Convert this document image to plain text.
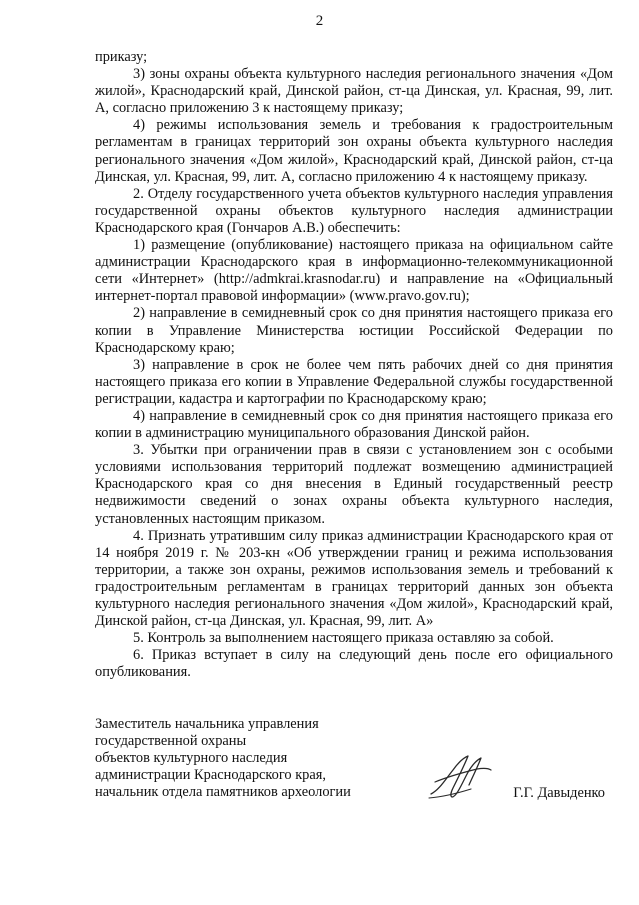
2

приказу;

3) зоны охраны объекта культурного наследия регионального значения «Дом жилой», Краснодарский край, Динской район, ст-ца Динская, ул. Красная, 99, лит. А, согласно приложению 3 к настоящему приказу;

4) режимы использования земель и требования к градостроительным регламентам в границах территорий зон охраны объекта культурного наследия регионального значения «Дом жилой», Краснодарский край, Динской район, ст-ца Динская, ул. Красная, 99, лит. А, согласно приложению 4 к настоящему приказу.

2. Отделу государственного учета объектов культурного наследия управления государственной охраны объектов культурного наследия администрации Краснодарского края (Гончаров А.В.) обеспечить:

1) размещение (опубликование) настоящего приказа на официальном сайте администрации Краснодарского края в информационно-телекоммуникационной сети «Интернет» (http://admkrai.krasnodar.ru) и направление на «Официальный интернет-портал правовой информации» (www.pravo.gov.ru);

2) направление в семидневный срок со дня принятия настоящего приказа его копии в Управление Министерства юстиции Российской Федерации по Краснодарскому краю;

3) направление в срок не более чем пять рабочих дней со дня принятия настоящего приказа его копии в Управление Федеральной службы государственной регистрации, кадастра и картографии по Краснодарскому краю;

4) направление в семидневный срок со дня принятия настоящего приказа его копии в администрацию муниципального образования Динской район.

3. Убытки при ограничении прав в связи с установлением зон с особыми условиями использования территорий подлежат возмещению администрацией Краснодарского края со дня внесения в Единый государственный реестр недвижимости сведений о зонах охраны объекта культурного наследия, установленных настоящим приказом.

4. Признать утратившим силу приказ администрации Краснодарского края от 14 ноября 2019 г. № 203-кн «Об утверждении границ и режима использования территории, а также зон охраны, режимов использования земель и требований к градостроительным регламентам в границах территорий данных зон объекта культурного наследия регионального значения «Дом жилой», Краснодарский край, Динской район, ст-ца Динская, ул. Красная, 99, лит. А»

5. Контроль за выполнением настоящего приказа оставляю за собой.

6. Приказ вступает в силу на следующий день после его официального опубликования.

Заместитель начальника управления
государственной охраны
объектов культурного наследия
администрации Краснодарского края,
начальник отдела памятников археологии	Г.Г. Давыденко
